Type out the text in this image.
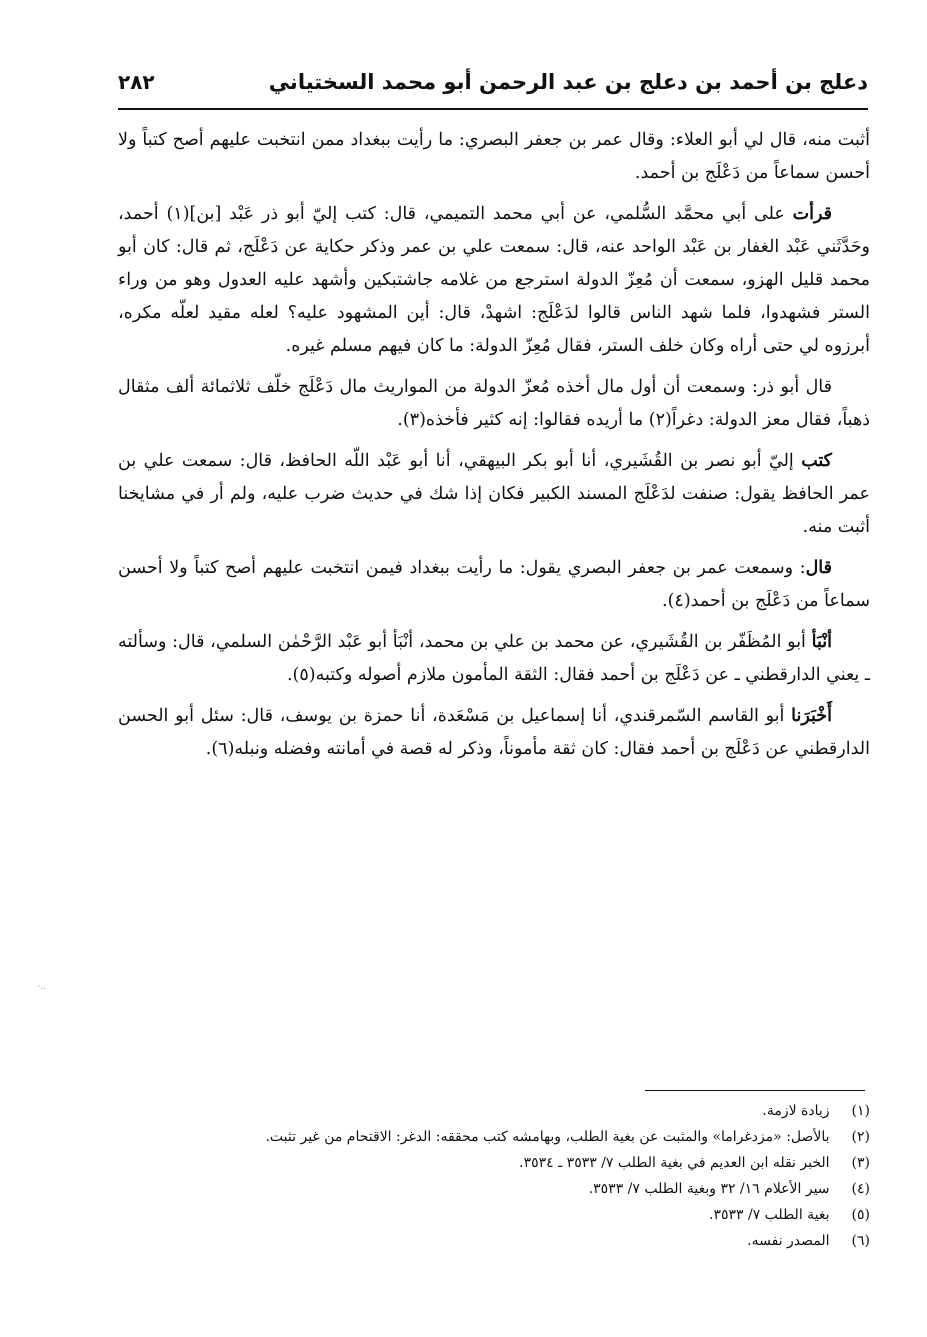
دعلج بن أحمد بن دعلج بن عبد الرحمن أبو محمد السختياني
٢٨٢

أثبت منه، قال لي أبو العلاء: وقال عمر بن جعفر البصري: ما رأيت ببغداد ممن انتخبت عليهم أصح كتباً ولا أحسن سماعاً من دَعْلَج بن أحمد.

قرأت على أبي محمَّد السُّلمي، عن أبي محمد التميمي، قال: كتب إليّ أبو ذر عَبْد [بن](١) أحمد، وحَدَّثَني عَبْد الغفار بن عَبْد الواحد عنه، قال: سمعت علي بن عمر وذكر حكاية عن دَعْلَج، ثم قال: كان أبو محمد قليل الهزو، سمعت أن مُعِزّ الدولة استرجع من غلامه جاشتبكين وأشهد عليه العدول وهو من وراء الستر فشهدوا، فلما شهد الناس قالوا لدَعْلَج: اشهدْ، قال: أين المشهود عليه؟ لعله مقيد لعلّه مكره، أبرزوه لي حتى أراه وكان خلف الستر، فقال مُعِزّ الدولة: ما كان فيهم مسلم غيره.

قال أبو ذر: وسمعت أن أول مال أخذه مُعزّ الدولة من المواريث مال دَعْلَج خلّف ثلاثمائة ألف مثقال ذهباً، فقال معز الدولة: دغراً(٢) ما أريده فقالوا: إنه كثير فأخذه(٣).

كتب إليّ أبو نصر بن القُشَيري، أنا أبو بكر البيهقي، أنا أبو عَبْد اللّه الحافظ، قال: سمعت علي بن عمر الحافظ يقول: صنفت لدَعْلَج المسند الكبير فكان إذا شك في حديث ضرب عليه، ولم أر في مشايخنا أثبت منه.

قال: وسمعت عمر بن جعفر البصري يقول: ما رأيت ببغداد فيمن انتخبت عليهم أصح كتباً ولا أحسن سماعاً من دَعْلَج بن أحمد(٤).

أنْبَأ أبو المُظَفّر بن القُشَيري، عن محمد بن علي بن محمد، أنْبَأ أبو عَبْد الرَّحْمٰن السلمي، قال: وسألته ـ يعني الدارقطني ـ عن دَعْلَج بن أحمد فقال: الثقة المأمون ملازم أصوله وكتبه(٥).

أَخْبَرَنا أبو القاسم السّمرقندي، أنا إسماعيل بن مَسْعَدة، أنا حمزة بن يوسف، قال: سئل أبو الحسن الدارقطني عن دَعْلَج بن أحمد فقال: كان ثقة مأموناً، وذكر له قصة في أمانته وفضله ونبله(٦).

(١) زيادة لازمة.

(٢) بالأصل: «مزدغراما» والمثبت عن بغية الطلب، وبهامشه كتب محققه: الدغر: الاقتحام من غير تثبت.

(٣) الخبر نقله ابن العديم في بغية الطلب ٧/ ٣٥٣٣ ـ ٣٥٣٤.

(٤) سير الأعلام ١٦/ ٣٢ وبغية الطلب ٧/ ٣٥٣٣.

(٥) بغية الطلب ٧/ ٣٥٣٣.

(٦) المصدر نفسه.

·..
